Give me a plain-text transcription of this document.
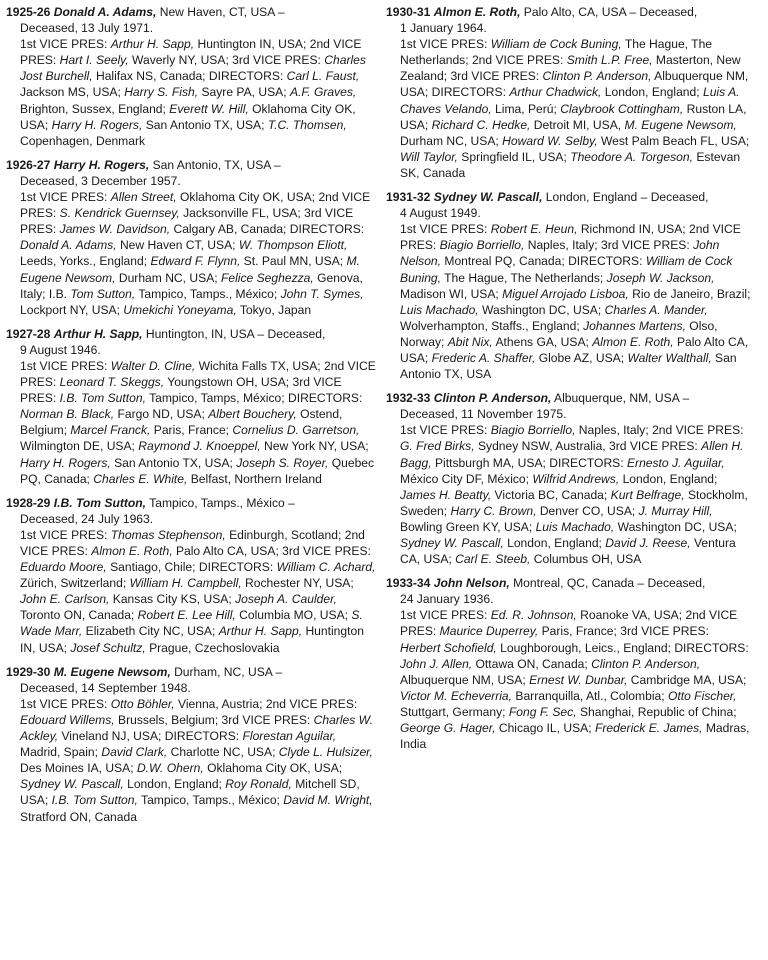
1925-26 Donald A. Adams, New Haven, CT, USA –
Deceased, 13 July 1971.
1st VICE PRES: Arthur H. Sapp, Huntington IN, USA; 2nd VICE PRES: Hart I. Seely, Waverly NY, USA; 3rd VICE PRES: Charles Jost Burchell, Halifax NS, Canada; DIRECTORS: Carl L. Faust, Jackson MS, USA; Harry S. Fish, Sayre PA, USA; A.F. Graves, Brighton, Sussex, England; Everett W. Hill, Oklahoma City OK, USA; Harry H. Rogers, San Antonio TX, USA; T.C. Thomsen, Copenhagen, Denmark
1926-27 Harry H. Rogers, San Antonio, TX, USA –
Deceased, 3 December 1957.
1st VICE PRES: Allen Street, Oklahoma City OK, USA; 2nd VICE PRES: S. Kendrick Guernsey, Jacksonville FL, USA; 3rd VICE PRES: James W. Davidson, Calgary AB, Canada; DIRECTORS: Donald A. Adams, New Haven CT, USA; W. Thompson Eliott, Leeds, Yorks., England; Edward F. Flynn, St. Paul MN, USA; M. Eugene Newsom, Durham NC, USA; Felice Seghezza, Genova, Italy; I.B. Tom Sutton, Tampico, Tamps., México; John T. Symes, Lockport NY, USA; Umekichi Yoneyama, Tokyo, Japan
1927-28 Arthur H. Sapp, Huntington, IN, USA – Deceased,
9 August 1946.
1st VICE PRES: Walter D. Cline, Wichita Falls TX, USA; 2nd VICE PRES: Leonard T. Skeggs, Youngstown OH, USA; 3rd VICE PRES: I.B. Tom Sutton, Tampico, Tamps, México; DIRECTORS: Norman B. Black, Fargo ND, USA; Albert Bouchery, Ostend, Belgium; Marcel Franck, Paris, France; Cornelius D. Garretson, Wilmington DE, USA; Raymond J. Knoeppel, New York NY, USA; Harry H. Rogers, San Antonio TX, USA; Joseph S. Royer, Quebec PQ, Canada; Charles E. White, Belfast, Northern Ireland
1928-29 I.B. Tom Sutton, Tampico, Tamps., México –
Deceased, 24 July 1963.
1st VICE PRES: Thomas Stephenson, Edinburgh, Scotland; 2nd VICE PRES: Almon E. Roth, Palo Alto CA, USA; 3rd VICE PRES: Eduardo Moore, Santiago, Chile; DIRECTORS: William C. Achard, Zürich, Switzerland; William H. Campbell, Rochester NY, USA; John E. Carlson, Kansas City KS, USA; Joseph A. Caulder, Toronto ON, Canada; Robert E. Lee Hill, Columbia MO, USA; S. Wade Marr, Elizabeth City NC, USA; Arthur H. Sapp, Huntington IN, USA; Josef Schultz, Prague, Czechoslovakia
1929-30 M. Eugene Newsom, Durham, NC, USA –
Deceased, 14 September 1948.
1st VICE PRES: Otto Böhler, Vienna, Austria; 2nd VICE PRES: Edouard Willems, Brussels, Belgium; 3rd VICE PRES: Charles W. Ackley, Vineland NJ, USA; DIRECTORS: Florestan Aguilar, Madrid, Spain; David Clark, Charlotte NC, USA; Clyde L. Hulsizer, Des Moines IA, USA; D.W. Ohern, Oklahoma City OK, USA; Sydney W. Pascall, London, England; Roy Ronald, Mitchell SD, USA; I.B. Tom Sutton, Tampico, Tamps., México; David M. Wright, Stratford ON, Canada
1930-31 Almon E. Roth, Palo Alto, CA, USA – Deceased,
1 January 1964.
1st VICE PRES: William de Cock Buning, The Hague, The Netherlands; 2nd VICE PRES: Smith L.P. Free, Masterton, New Zealand; 3rd VICE PRES: Clinton P. Anderson, Albuquerque NM, USA; DIRECTORS: Arthur Chadwick, London, England; Luis A. Chaves Velando, Lima, Perú; Claybrook Cottingham, Ruston LA, USA; Richard C. Hedke, Detroit MI, USA, M. Eugene Newsom, Durham NC, USA; Howard W. Selby, West Palm Beach FL, USA; Will Taylor, Springfield IL, USA; Theodore A. Torgeson, Estevan SK, Canada
1931-32 Sydney W. Pascall, London, England – Deceased,
4 August 1949.
1st VICE PRES: Robert E. Heun, Richmond IN, USA; 2nd VICE PRES: Biagio Borriello, Naples, Italy; 3rd VICE PRES: John Nelson, Montreal PQ, Canada; DIRECTORS: William de Cock Buning, The Hague, The Netherlands; Joseph W. Jackson, Madison WI, USA; Miguel Arrojado Lisboa, Rio de Janeiro, Brazil; Luis Machado, Washington DC, USA; Charles A. Mander, Wolverhampton, Staffs., England; Johannes Martens, Olso, Norway; Abit Nix, Athens GA, USA; Almon E. Roth, Palo Alto CA, USA; Frederic A. Shaffer, Globe AZ, USA; Walter Walthall, San Antonio TX, USA
1932-33 Clinton P. Anderson, Albuquerque, NM, USA –
Deceased, 11 November 1975.
1st VICE PRES: Biagio Borriello, Naples, Italy; 2nd VICE PRES: G. Fred Birks, Sydney NSW, Australia, 3rd VICE PRES: Allen H. Bagg, Pittsburgh MA, USA; DIRECTORS: Ernesto J. Aguilar, México City DF, México; Wilfrid Andrews, London, England; James H. Beatty, Victoria BC, Canada; Kurt Belfrage, Stockholm, Sweden; Harry C. Brown, Denver CO, USA; J. Murray Hill, Bowling Green KY, USA; Luis Machado, Washington DC, USA; Sydney W. Pascall, London, England; David J. Reese, Ventura CA, USA; Carl E. Steeb, Columbus OH, USA
1933-34 John Nelson, Montreal, QC, Canada – Deceased,
24 January 1936.
1st VICE PRES: Ed. R. Johnson, Roanoke VA, USA; 2nd VICE PRES: Maurice Duperrey, Paris, France; 3rd VICE PRES: Herbert Schofield, Loughborough, Leics., England; DIRECTORS: John J. Allen, Ottawa ON, Canada; Clinton P. Anderson, Albuquerque NM, USA; Ernest W. Dunbar, Cambridge MA, USA; Victor M. Echeverria, Barranquilla, Atl., Colombia; Otto Fischer, Stuttgart, Germany; Fong F. Sec, Shanghai, Republic of China; George G. Hager, Chicago IL, USA; Frederick E. James, Madras, India
